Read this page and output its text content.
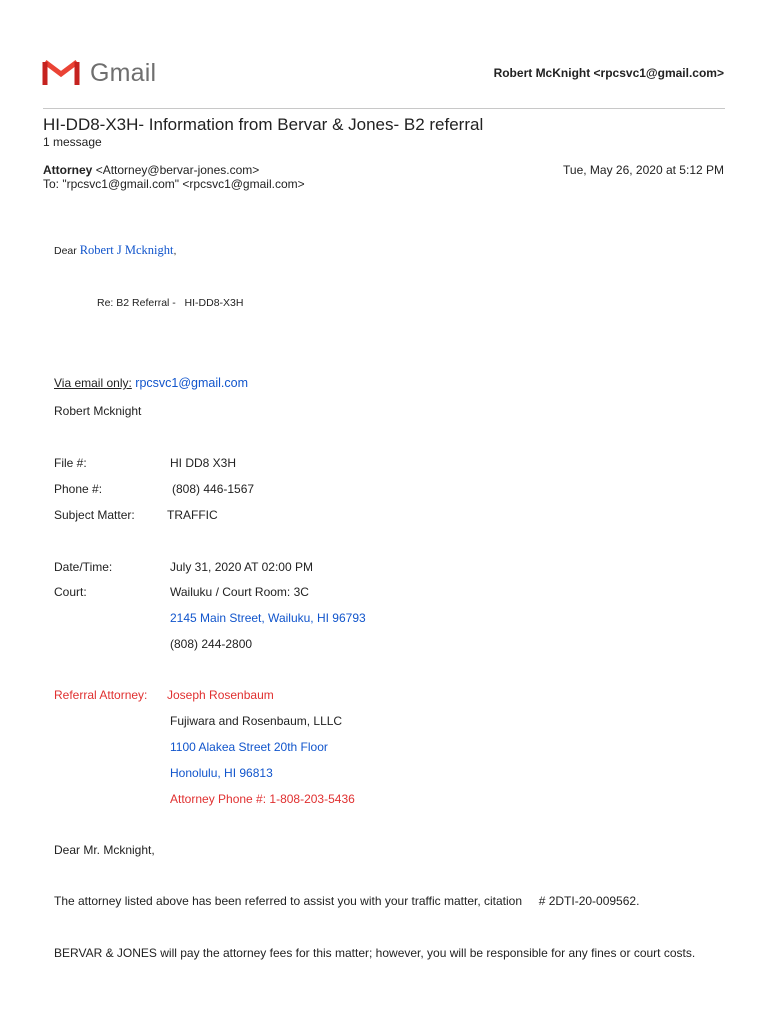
Gmail	Robert McKnight <rpcsvc1@gmail.com>
HI-DD8-X3H- Information from Bervar & Jones- B2 referral
1 message
Attorney <Attorney@bervar-jones.com>
To: "rpcsvc1@gmail.com" <rpcsvc1@gmail.com>
Tue, May 26, 2020 at 5:12 PM
Dear Robert J Mcknight,
Re: B2 Referral -   HI-DD8-X3H
Via email only: rpcsvc1@gmail.com
Robert Mcknight
File #:	HI DD8 X3H
Phone #:	(808) 446-1567
Subject Matter:	TRAFFIC
Date/Time:	July 31, 2020 AT 02:00 PM
Court:	Wailuku / Court Room: 3C
2145 Main Street, Wailuku, HI 96793
(808) 244-2800
Referral Attorney: Joseph Rosenbaum
Fujiwara and Rosenbaum, LLLC
1100 Alakea Street 20th Floor
Honolulu, HI 96813
Attorney Phone #: 1-808-203-5436
Dear Mr. Mcknight,
The attorney listed above has been referred to assist you with your traffic matter, citation     # 2DTI-20-009562.
BERVAR & JONES will pay the attorney fees for this matter; however, you will be responsible for any fines or court costs.
